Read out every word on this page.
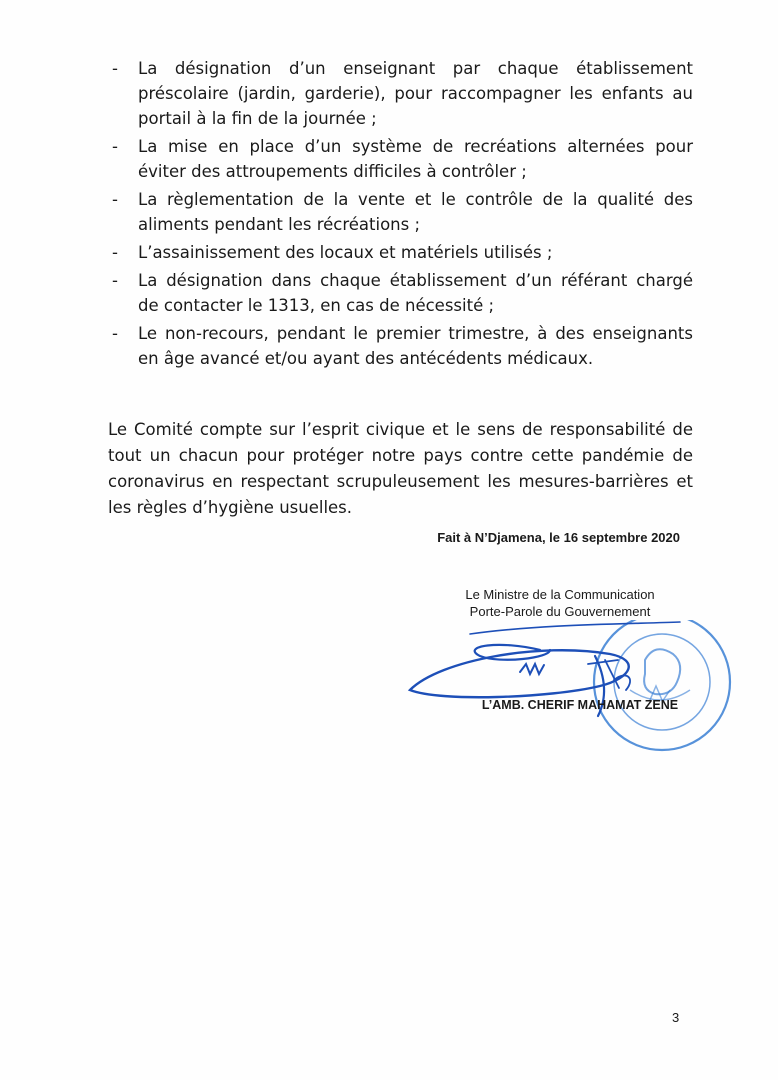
- La désignation d’un enseignant par chaque établissement préscolaire (jardin, garderie), pour raccompagner les enfants au portail à la fin de la journée ;
- La mise en place d’un système de recréations alternées pour éviter des attroupements difficiles à contrôler ;
- La règlementation de la vente et le contrôle de la qualité des aliments pendant les récréations ;
- L’assainissement des locaux et matériels utilisés ;
- La désignation dans chaque établissement d’un référant chargé de contacter le 1313, en cas de nécessité ;
- Le non-recours, pendant le premier trimestre, à des enseignants en âge avancé et/ou ayant des antécédents médicaux.

Le Comité compte sur l’esprit civique et le sens de responsabilité de tout un chacun pour protéger notre pays contre cette pandémie de coronavirus en respectant scrupuleusement les mesures-barrières et les règles d’hygiène usuelles.

Fait à N’Djamena, le 16 septembre 2020
Le Ministre de la Communication
Porte-Parole du Gouvernement
L’AMB. CHERIF MAHAMAT ZENE
3
